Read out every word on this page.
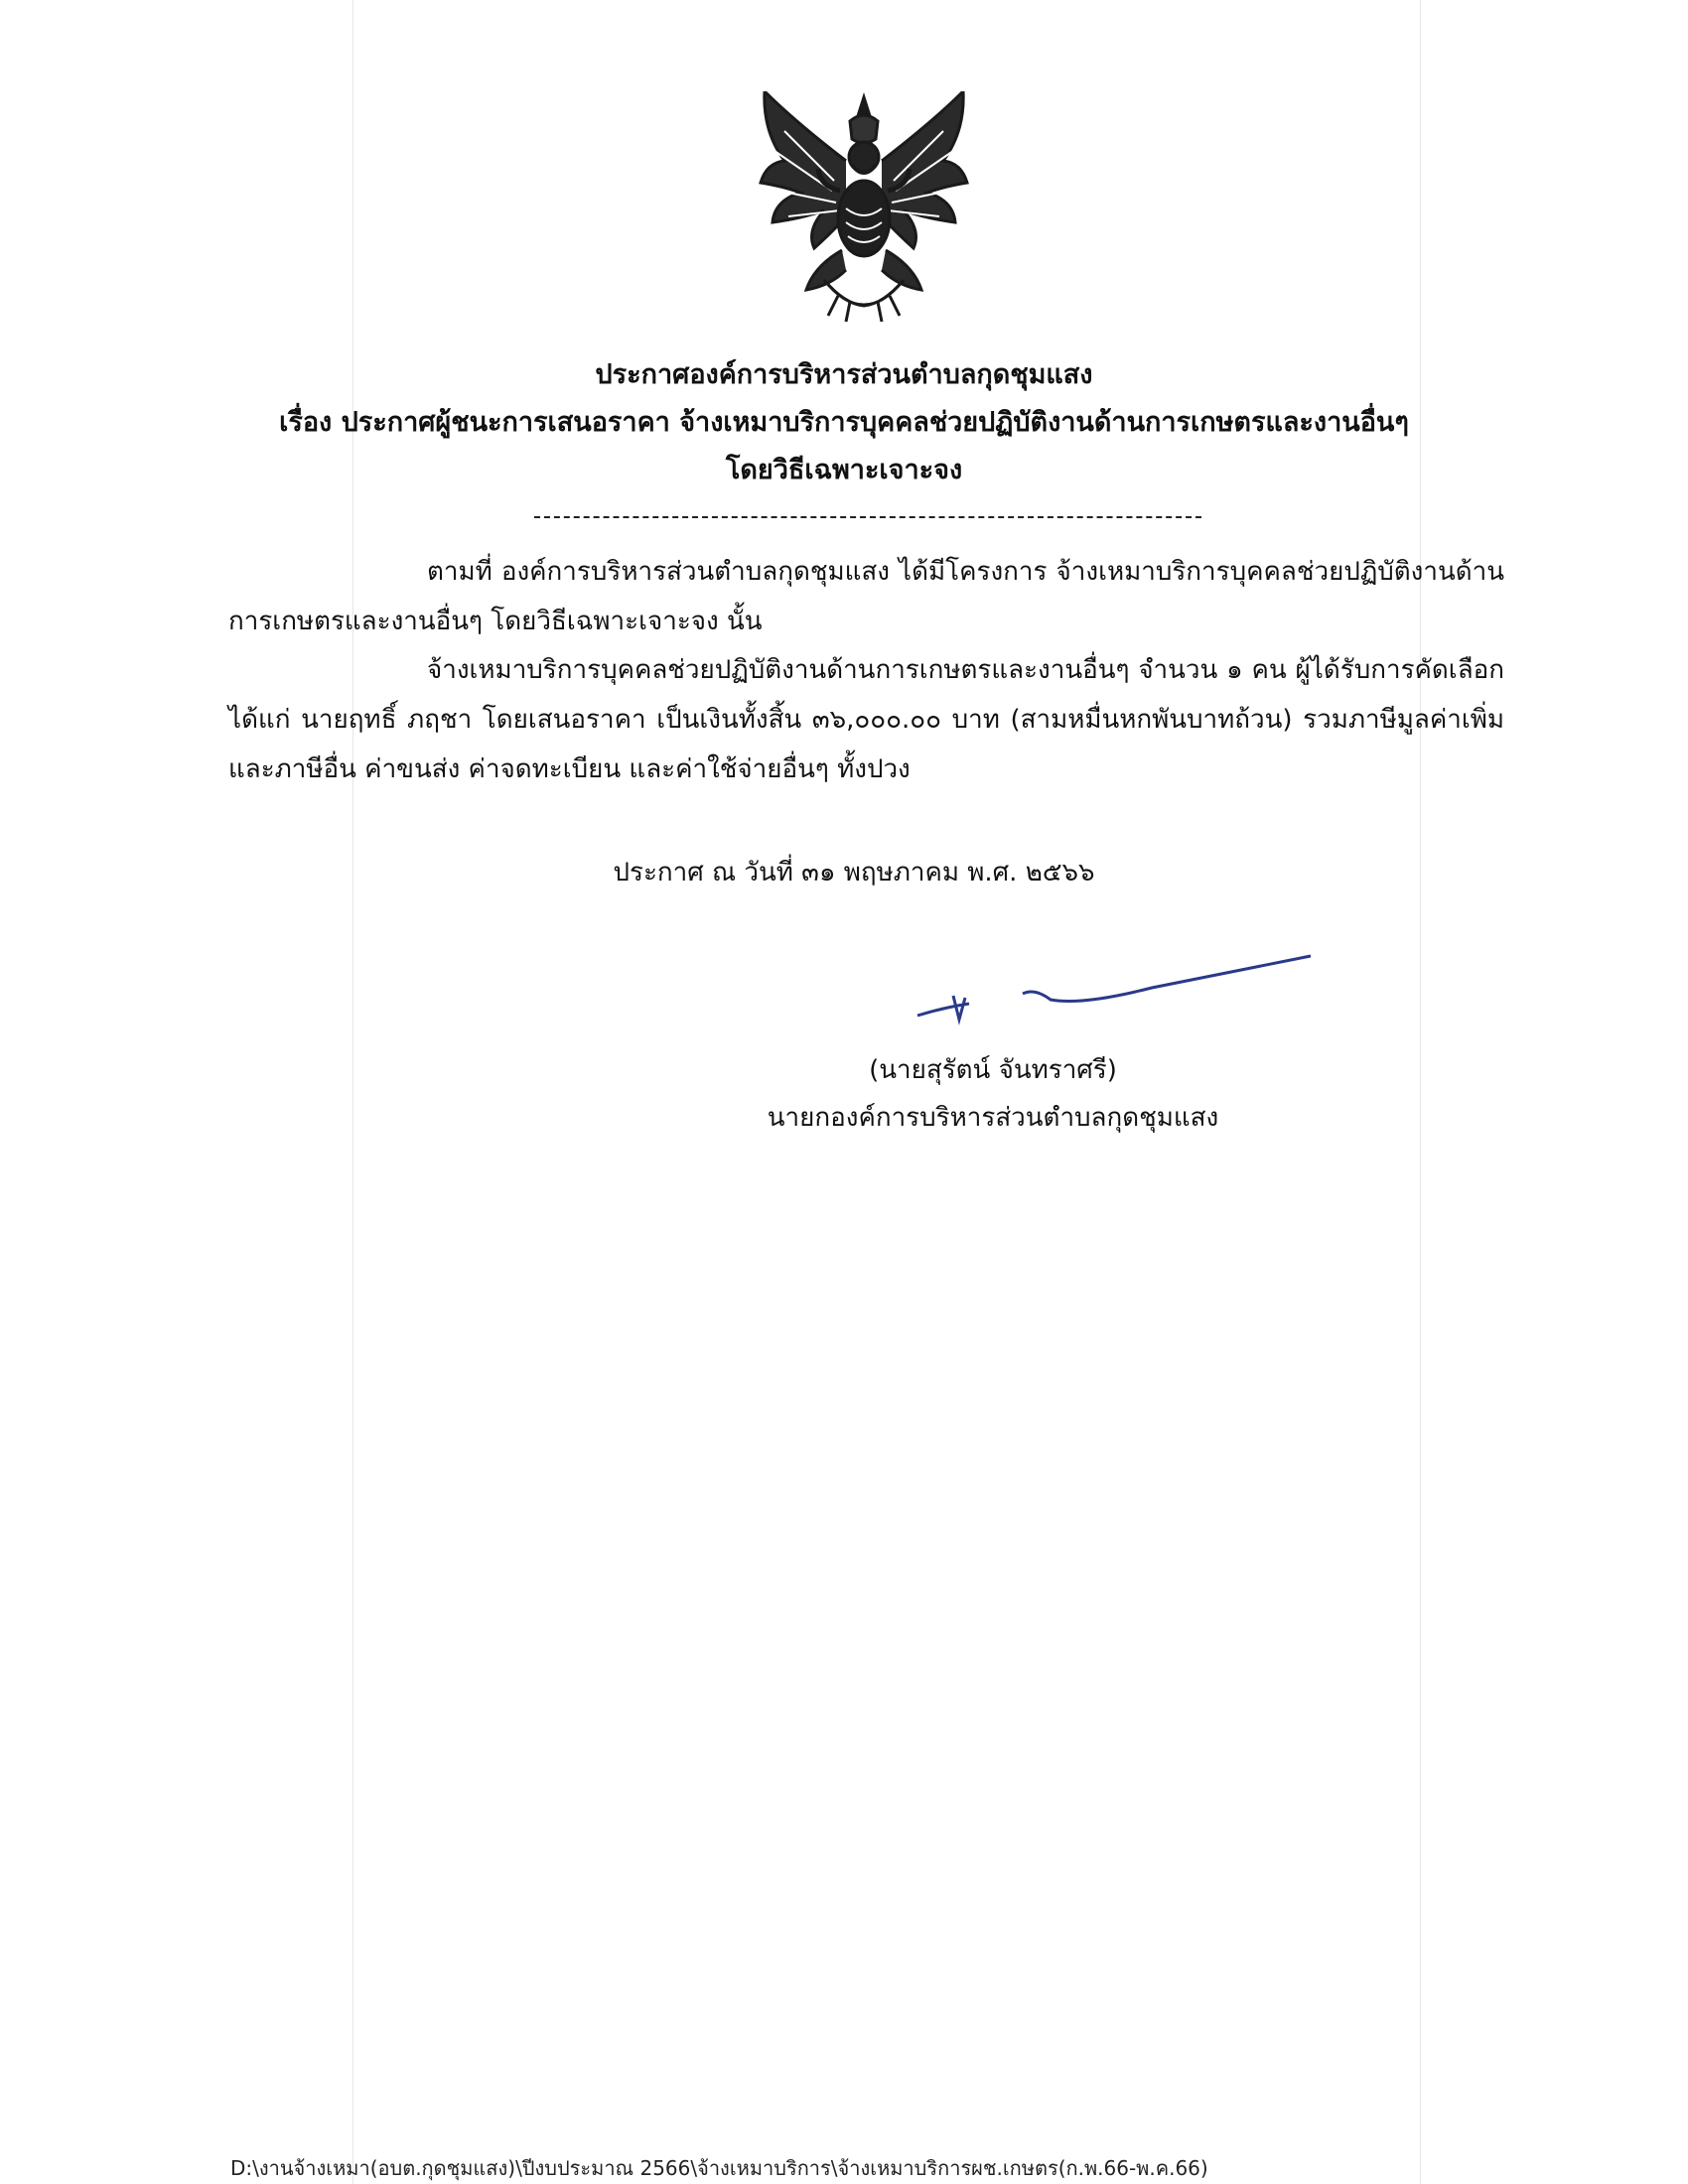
ประกาศองค์การบริหารส่วนตำบลกุดชุมแสง
เรื่อง ประกาศผู้ชนะการเสนอราคา จ้างเหมาบริการบุคคลช่วยปฏิบัติงานด้านการเกษตรและงานอื่นๆ
โดยวิธีเฉพาะเจาะจง
ตามที่ องค์การบริหารส่วนตำบลกุดชุมแสง ได้มีโครงการ จ้างเหมาบริการบุคคลช่วยปฏิบัติงานด้านการเกษตรและงานอื่นๆ โดยวิธีเฉพาะเจาะจง นั้น
จ้างเหมาบริการบุคคลช่วยปฏิบัติงานด้านการเกษตรและงานอื่นๆ จำนวน ๑ คน ผู้ได้รับการคัดเลือก ได้แก่ นายฤทธิ์ ภฤชา โดยเสนอราคา เป็นเงินทั้งสิ้น ๓๖,๐๐๐.๐๐ บาท (สามหมื่นหกพันบาทถ้วน) รวมภาษีมูลค่าเพิ่มและภาษีอื่น ค่าขนส่ง ค่าจดทะเบียน และค่าใช้จ่ายอื่นๆ ทั้งปวง
ประกาศ ณ วันที่ ๓๑ พฤษภาคม พ.ศ. ๒๕๖๖
(นายสุรัตน์ จันทราศรี)
นายกองค์การบริหารส่วนตำบลกุดชุมแสง
D:\งานจ้างเหมา(อบต.กุดชุมแสง)\ปีงบประมาณ 2566\จ้างเหมาบริการ\จ้างเหมาบริการผช.เกษตร(ก.พ.66-พ.ค.66)
